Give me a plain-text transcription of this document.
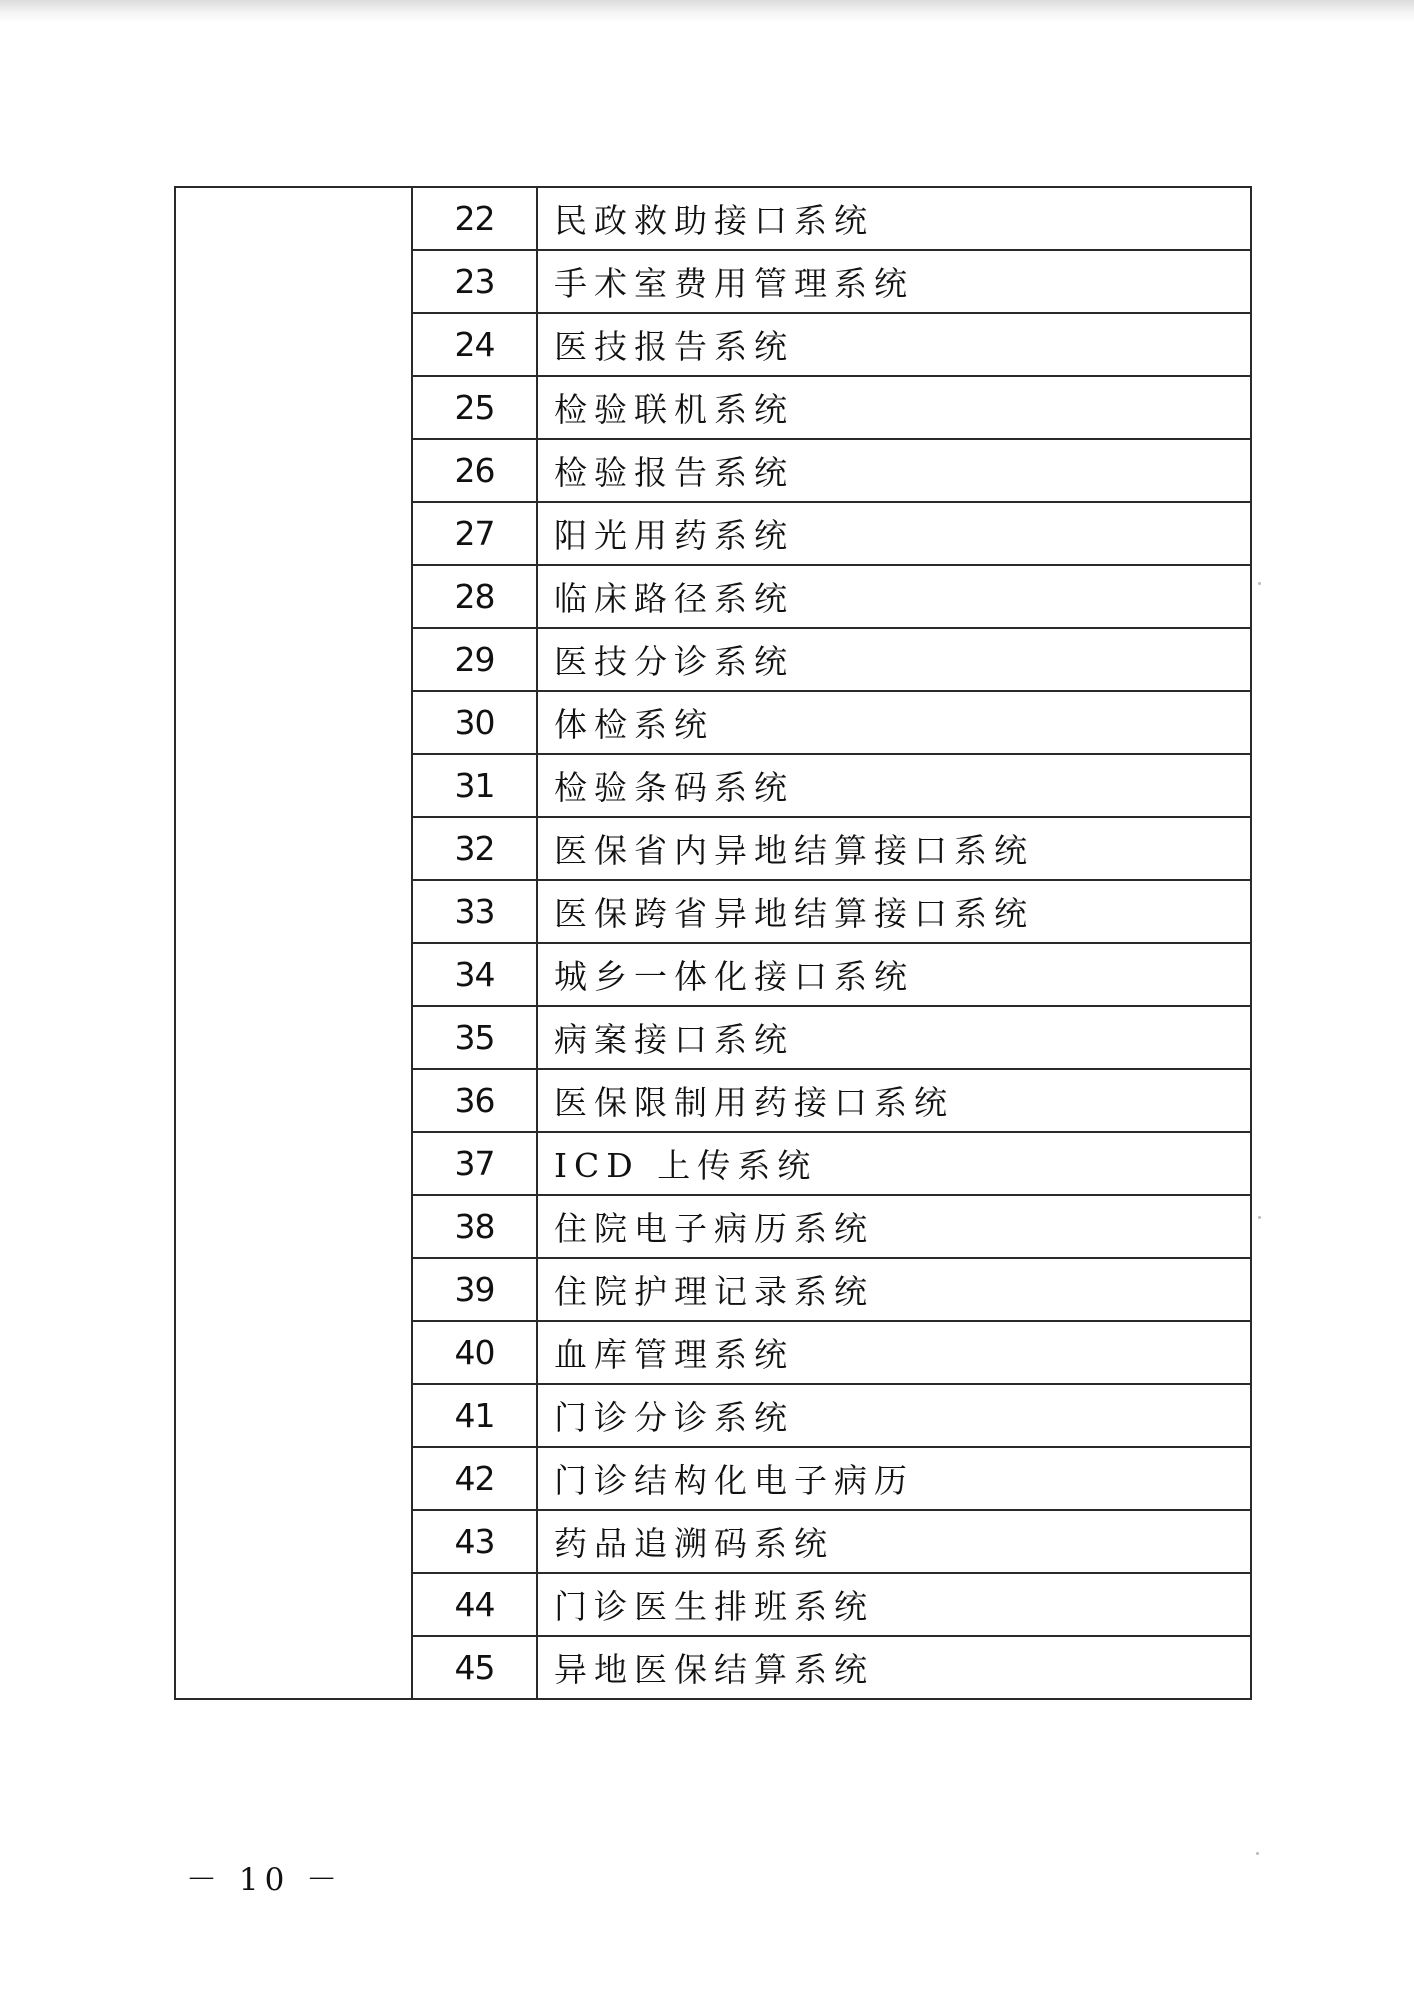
	22	民政救助接口系统
	23	手术室费用管理系统
	24	医技报告系统
	25	检验联机系统
	26	检验报告系统
	27	阳光用药系统
	28	临床路径系统
	29	医技分诊系统
	30	体检系统
	31	检验条码系统
	32	医保省内异地结算接口系统
	33	医保跨省异地结算接口系统
	34	城乡一体化接口系统
	35	病案接口系统
	36	医保限制用药接口系统
	37	ICD 上传系统
	38	住院电子病历系统
	39	住院护理记录系统
	40	血库管理系统
	41	门诊分诊系统
	42	门诊结构化电子病历
	43	药品追溯码系统
	44	门诊医生排班系统
	45	异地医保结算系统
－ 10 －
